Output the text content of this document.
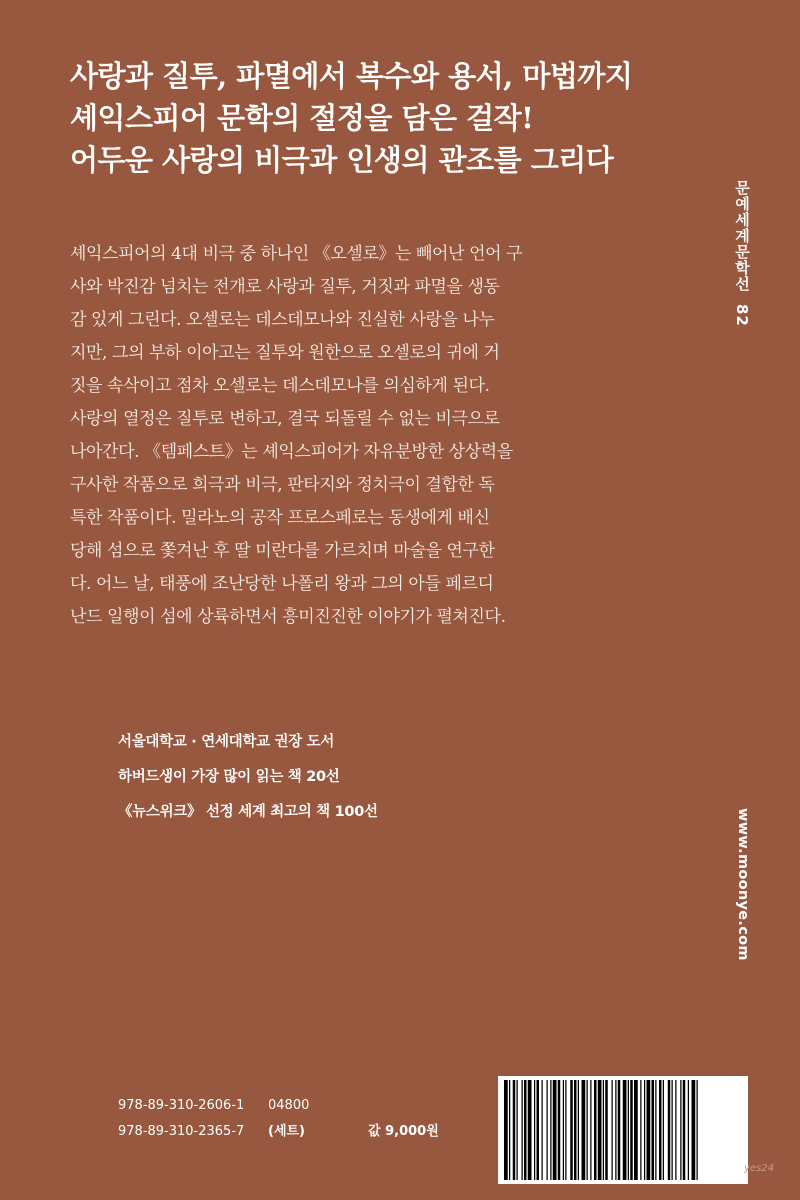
사랑과 질투, 파멸에서 복수와 용서, 마법까지
셰익스피어 문학의 절정을 담은 걸작!
어두운 사랑의 비극과 인생의 관조를 그리다
문예세계문학선82
셰익스피어의 4대 비극 중 하나인 《오셀로》는 빼어난 언어 구
사와 박진감 넘치는 전개로 사랑과 질투, 거짓과 파멸을 생동
감 있게 그린다. 오셀로는 데스데모나와 진실한 사랑을 나누
지만, 그의 부하 이아고는 질투와 원한으로 오셀로의 귀에 거
짓을 속삭이고 점차 오셀로는 데스데모나를 의심하게 된다.
사랑의 열정은 질투로 변하고, 결국 되돌릴 수 없는 비극으로
나아간다. 《템페스트》는 셰익스피어가 자유분방한 상상력을
구사한 작품으로 희극과 비극, 판타지와 정치극이 결합한 독
특한 작품이다. 밀라노의 공작 프로스페로는 동생에게 배신
당해 섬으로 쫓겨난 후 딸 미란다를 가르치며 마술을 연구한
다. 어느 날, 태풍에 조난당한 나폴리 왕과 그의 아들 페르디
난드 일행이 섬에 상륙하면서 흥미진진한 이야기가 펼쳐진다.
서울대학교 · 연세대학교 권장 도서
하버드생이 가장 많이 읽는 책 20선
《뉴스위크》 선정 세계 최고의 책 100선	www.moonye.com
978-89-310-2606-1 04800
978-89-310-2365-7 (세트)	값 9,000원
yes24
